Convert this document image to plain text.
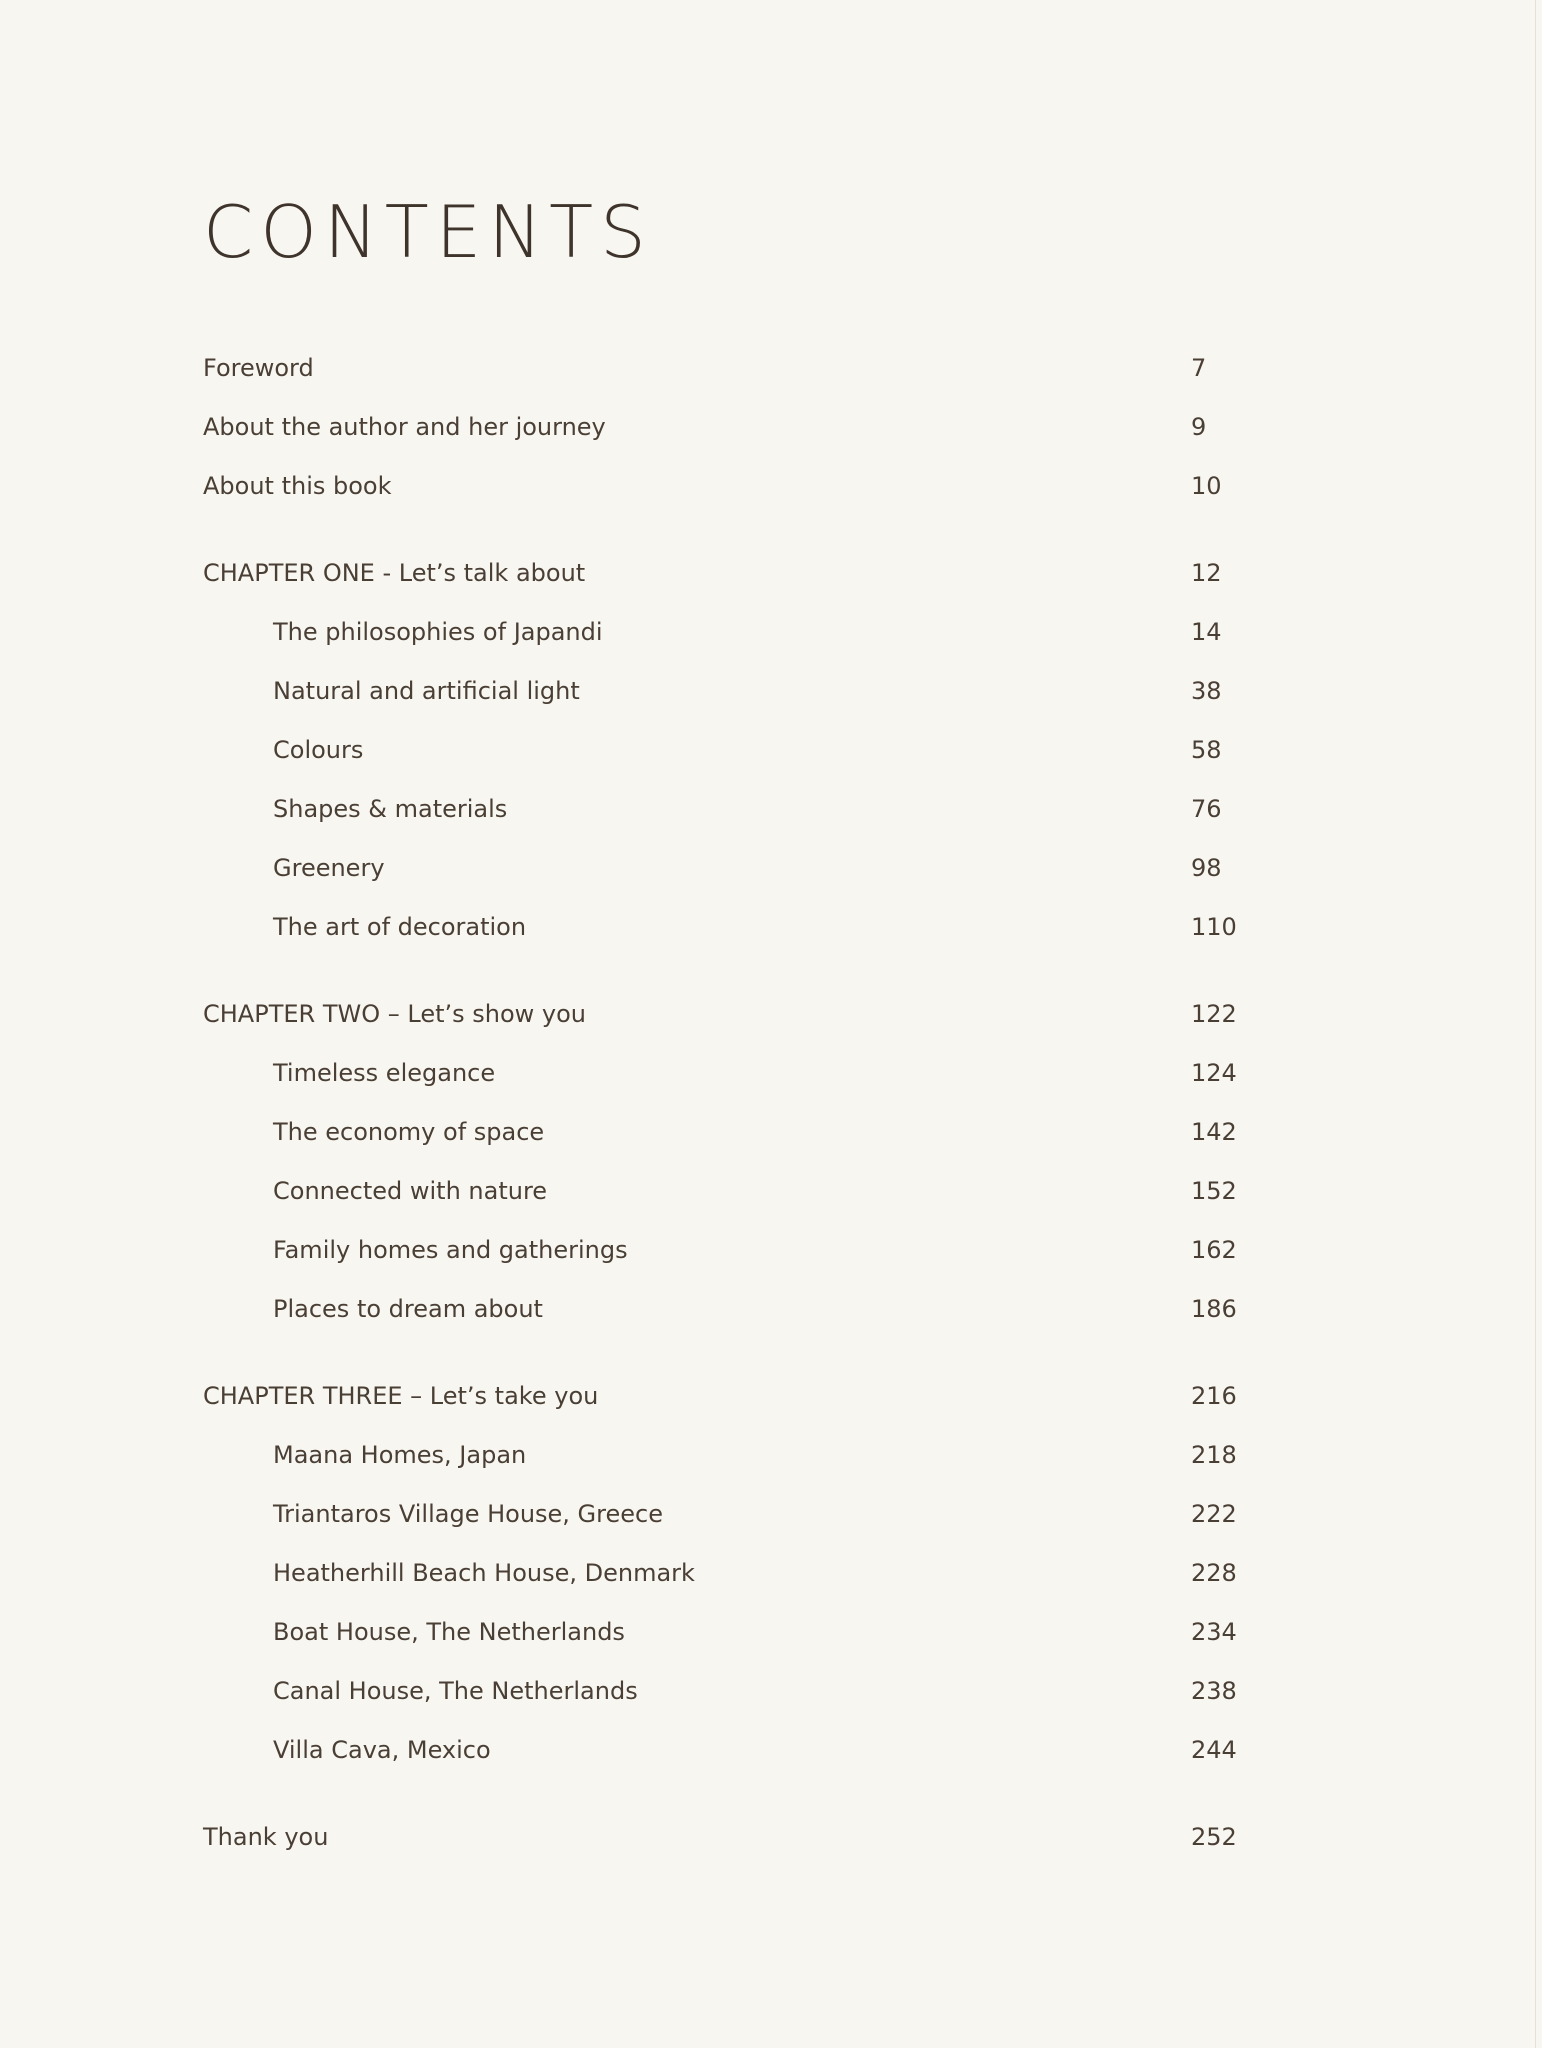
CONTENTS
Foreword	7
About the author and her journey	9
About this book	10
CHAPTER ONE - Let’s talk about	12
The philosophies of Japandi	14
Natural and artificial light	38
Colours	58
Shapes & materials	76
Greenery	98
The art of decoration	110
CHAPTER TWO – Let’s show you	122
Timeless elegance	124
The economy of space	142
Connected with nature	152
Family homes and gatherings	162
Places to dream about	186
CHAPTER THREE – Let’s take you	216
Maana Homes, Japan	218
Triantaros Village House, Greece	222
Heatherhill Beach House, Denmark	228
Boat House, The Netherlands	234
Canal House, The Netherlands	238
Villa Cava, Mexico	244
Thank you	252
